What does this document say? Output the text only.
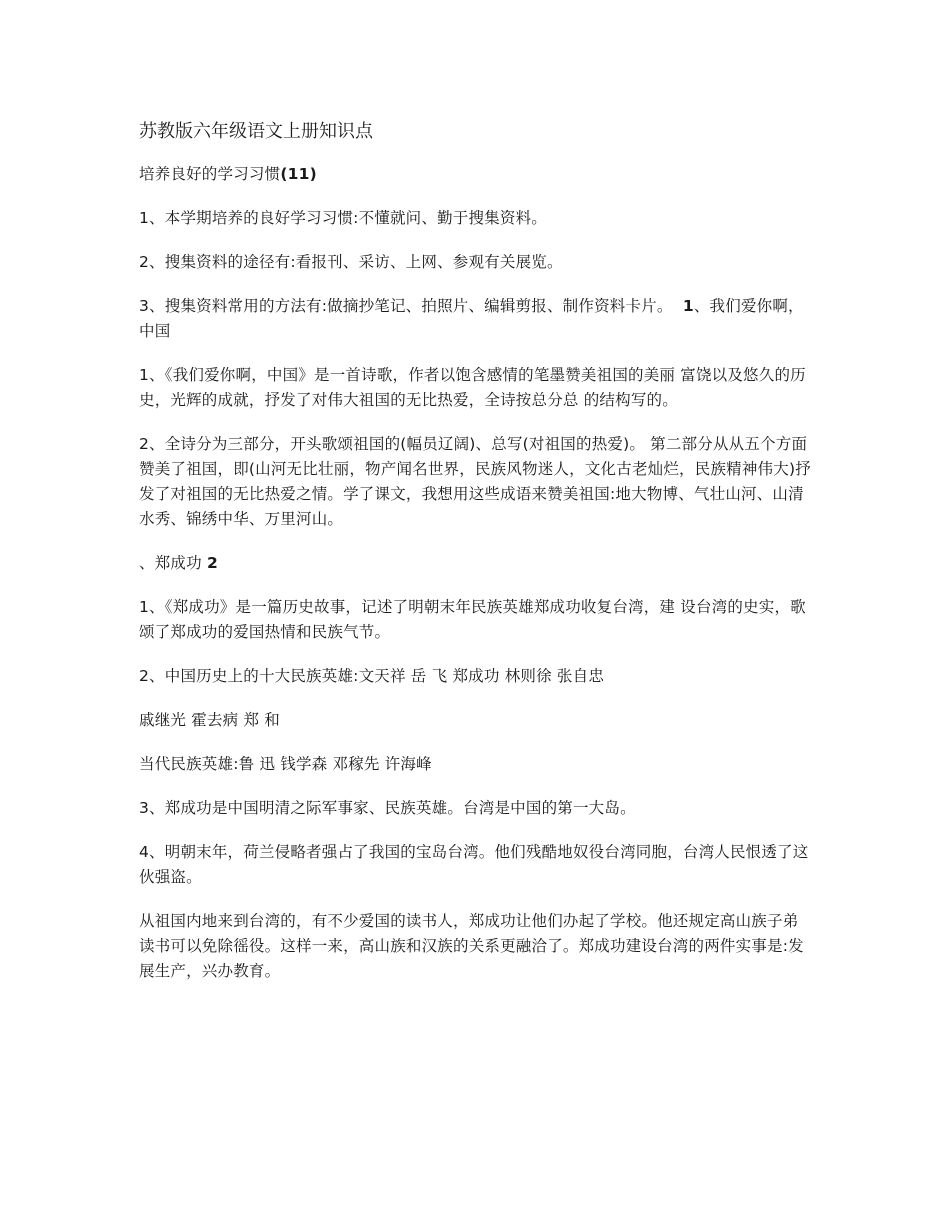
苏教版六年级语文上册知识点
培养良好的学习习惯(11)
1、本学期培养的良好学习习惯:不懂就问、勤于搜集资料。
2、搜集资料的途径有:看报刊、采访、上网、参观有关展览。
3、搜集资料常用的方法有:做摘抄笔记、拍照片、编辑剪报、制作资料卡片。 1、我们爱你啊，中国
1、《我们爱你啊，中国》是一首诗歌，作者以饱含感情的笔墨赞美祖国的美丽 富饶以及悠久的历史，光辉的成就，抒发了对伟大祖国的无比热爱，全诗按总分总 的结构写的。
2、全诗分为三部分，开头歌颂祖国的(幅员辽阔)、总写(对祖国的热爱)。 第二部分从从五个方面赞美了祖国，即(山河无比壮丽，物产闻名世界，民族风物迷人，文化古老灿烂，民族精神伟大)抒发了对祖国的无比热爱之情。学了课文，我想用这些成语来赞美祖国:地大物博、气壮山河、山清水秀、锦绣中华、万里河山。
、郑成功 2
1、《郑成功》是一篇历史故事，记述了明朝末年民族英雄郑成功收复台湾，建 设台湾的史实，歌颂了郑成功的爱国热情和民族气节。
2、中国历史上的十大民族英雄:文天祥 岳 飞 郑成功 林则徐 张自忠
戚继光 霍去病 郑 和
当代民族英雄:鲁 迅 钱学森 邓稼先 许海峰
3、郑成功是中国明清之际军事家、民族英雄。台湾是中国的第一大岛。
4、明朝末年，荷兰侵略者强占了我国的宝岛台湾。他们残酷地奴役台湾同胞，台湾人民恨透了这伙强盗。
从祖国内地来到台湾的，有不少爱国的读书人，郑成功让他们办起了学校。他还规定高山族子弟读书可以免除徭役。这样一来，高山族和汉族的关系更融洽了。郑成功建设台湾的两件实事是:发展生产，兴办教育。
